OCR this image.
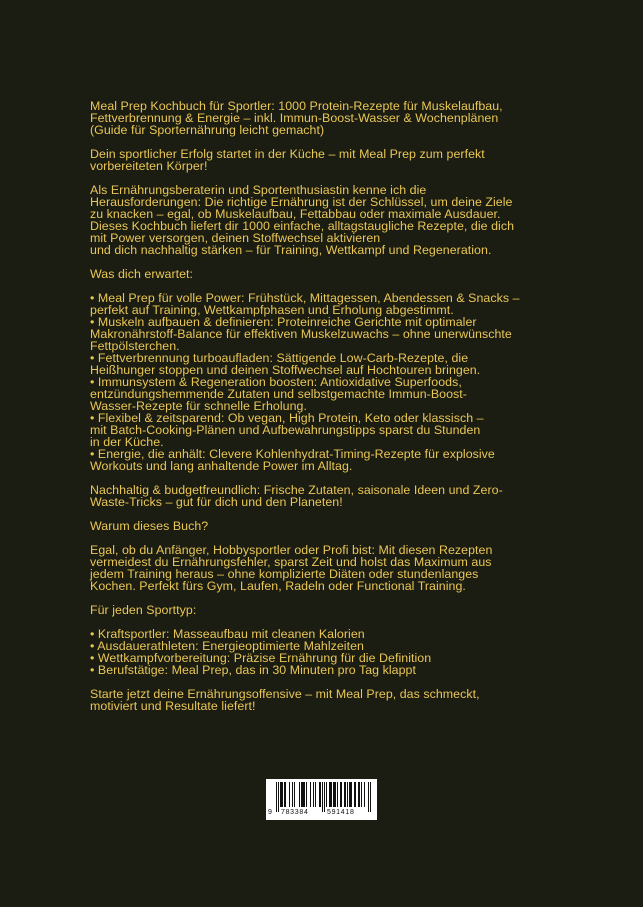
Meal Prep Kochbuch für Sportler: 1000 Protein-Rezepte für Muskelaufbau,
Fettverbrennung & Energie – inkl. Immun-Boost-Wasser & Wochenplänen
(Guide für Sporternährung leicht gemacht)
Dein sportlicher Erfolg startet in der Küche – mit Meal Prep zum perfekt
vorbereiteten Körper!
Als Ernährungsberaterin und Sportenthusiastin kenne ich die
Herausforderungen: Die richtige Ernährung ist der Schlüssel, um deine Ziele
zu knacken – egal, ob Muskelaufbau, Fettabbau oder maximale Ausdauer.
Dieses Kochbuch liefert dir 1000 einfache, alltagstaugliche Rezepte, die dich
mit Power versorgen, deinen Stoffwechsel aktivieren
und dich nachhaltig stärken – für Training, Wettkampf und Regeneration.
Was dich erwartet:
• Meal Prep für volle Power: Frühstück, Mittagessen, Abendessen & Snacks –
perfekt auf Training, Wettkampfphasen und Erholung abgestimmt.
• Muskeln aufbauen & definieren: Proteinreiche Gerichte mit optimaler
Makronährstoff-Balance für effektiven Muskelzuwachs – ohne unerwünschte
Fettpölsterchen.
• Fettverbrennung turboaufladen: Sättigende Low-Carb-Rezepte, die
Heißhunger stoppen und deinen Stoffwechsel auf Hochtouren bringen.
• Immunsystem & Regeneration boosten: Antioxidative Superfoods,
entzündungshemmende Zutaten und selbstgemachte Immun-Boost-
Wasser-Rezepte für schnelle Erholung.
• Flexibel & zeitsparend: Ob vegan, High Protein, Keto oder klassisch –
mit Batch-Cooking-Plänen und Aufbewahrungstipps sparst du Stunden
in der Küche.
• Energie, die anhält: Clevere Kohlenhydrat-Timing-Rezepte für explosive
Workouts und lang anhaltende Power im Alltag.
Nachhaltig & budgetfreundlich: Frische Zutaten, saisonale Ideen und Zero-
Waste-Tricks – gut für dich und den Planeten!
Warum dieses Buch?
Egal, ob du Anfänger, Hobbysportler oder Profi bist: Mit diesen Rezepten
vermeidest du Ernährungsfehler, sparst Zeit und holst das Maximum aus
jedem Training heraus – ohne komplizierte Diäten oder stundenlanges
Kochen. Perfekt fürs Gym, Laufen, Radeln oder Functional Training.
Für jeden Sporttyp:
• Kraftsportler: Masseaufbau mit cleanen Kalorien
• Ausdauerathleten: Energieoptimierte Mahlzeiten
• Wettkampfvorbereitung: Präzise Ernährung für die Definition
• Berufstätige: Meal Prep, das in 30 Minuten pro Tag klappt
Starte jetzt deine Ernährungsoffensive – mit Meal Prep, das schmeckt,
motiviert und Resultate liefert!
9 783384	591418
